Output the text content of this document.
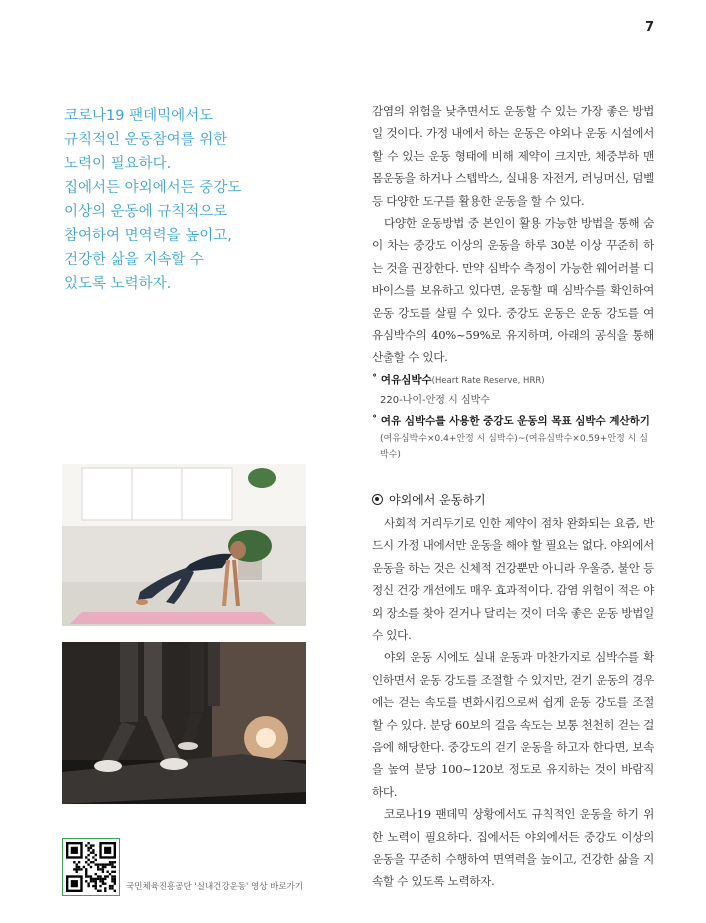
7
코로나19 팬데믹에서도
규칙적인 운동참여를 위한
노력이 필요하다.
집에서든 야외에서든 중강도
이상의 운동에 규칙적으로
참여하여 면역력을 높이고,
건강한 삶을 지속할 수
있도록 노력하자.
국민체육진흥공단 '실내건강운동' 영상 바로가기

감염의 위험을 낮추면서도 운동할 수 있는 가장 좋은 방법일 것이다. 가정 내에서 하는 운동은 야외나 운동 시설에서 할 수 있는 운동 형태에 비해 제약이 크지만, 체중부하 맨몸운동을 하거나 스텝박스, 실내용 자전거, 러닝머신, 덤벨 등 다양한 도구를 활용한 운동을 할 수 있다.

다양한 운동방법 중 본인이 활용 가능한 방법을 통해 숨이 차는 중강도 이상의 운동을 하루 30분 이상 꾸준히 하는 것을 권장한다. 만약 심박수 측정이 가능한 웨어러블 디바이스를 보유하고 있다면, 운동할 때 심박수를 확인하여 운동 강도를 살필 수 있다. 중강도 운동은 운동 강도를 여유심박수의 40%~59%로 유지하며, 아래의 공식을 통해 산출할 수 있다.

˚ 여유심박수(Heart Rate Reserve, HRR)
220-나이-안정 시 심박수
˚ 여유 심박수를 사용한 중강도 운동의 목표 심박수 계산하기
(여유심박수×0.4+안정 시 심박수)~(여유심박수×0.59+안정 시 심박수)
야외에서 운동하기

사회적 거리두기로 인한 제약이 점차 완화되는 요즘, 반드시 가정 내에서만 운동을 해야 할 필요는 없다. 야외에서 운동을 하는 것은 신체적 건강뿐만 아니라 우울증, 불안 등 정신 건강 개선에도 매우 효과적이다. 감염 위험이 적은 야외 장소를 찾아 걷거나 달리는 것이 더욱 좋은 운동 방법일 수 있다.

야외 운동 시에도 실내 운동과 마찬가지로 심박수를 확인하면서 운동 강도를 조절할 수 있지만, 걷기 운동의 경우에는 걷는 속도를 변화시킴으로써 쉽게 운동 강도를 조절할 수 있다. 분당 60보의 걸음 속도는 보통 천천히 걷는 걸음에 해당한다. 중강도의 걷기 운동을 하고자 한다면, 보속을 높여 분당 100~120보 정도로 유지하는 것이 바람직하다.

코로나19 팬데믹 상황에서도 규칙적인 운동을 하기 위한 노력이 필요하다. 집에서든 야외에서든 중강도 이상의 운동을 꾸준히 수행하여 면역력을 높이고, 건강한 삶을 지속할 수 있도록 노력하자.
